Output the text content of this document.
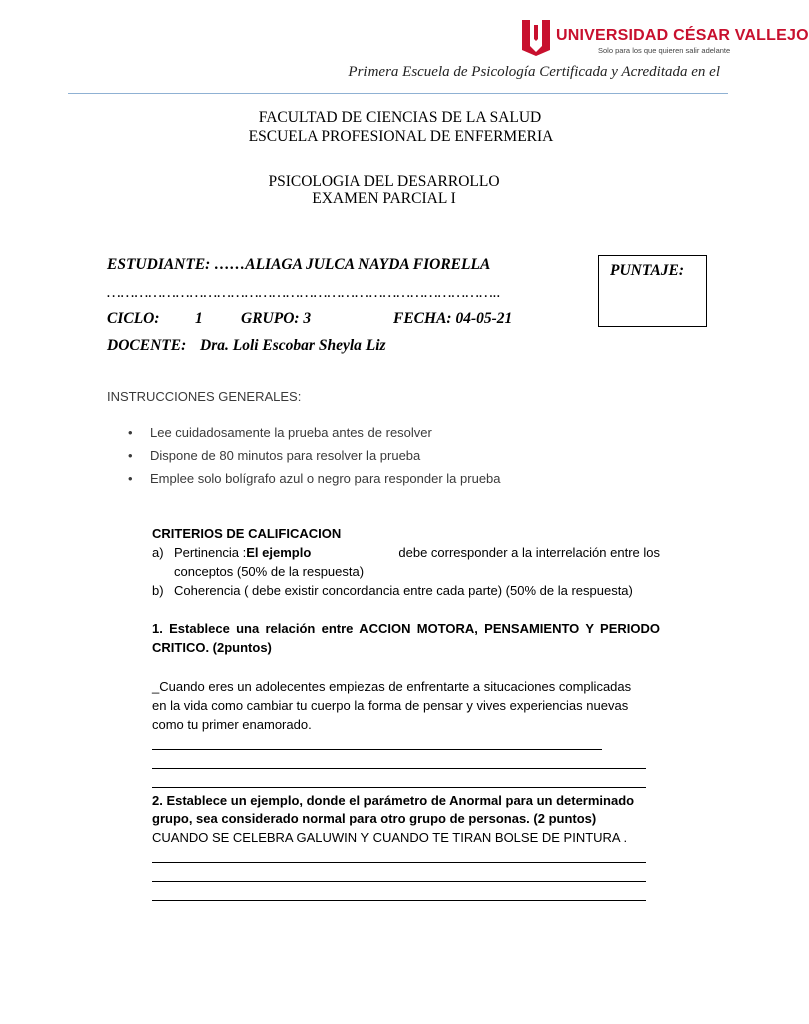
UNIVERSIDAD CÉSAR VALLEJO
Solo para los que quieren salir adelante
Primera Escuela de Psicología Certificada y Acreditada en el
FACULTAD DE CIENCIAS DE LA SALUD
ESCUELA PROFESIONAL DE ENFERMERIA
PSICOLOGIA DEL DESARROLLO
EXAMEN PARCIAL I
ESTUDIANTE: ……ALIAGA JULCA NAYDA FIORELLA
…………………………………………………………………………..
CICLO: 1 GRUPO: 3	FECHA: 04-05-21
DOCENTE: Dra. Loli Escobar Sheyla Liz
PUNTAJE:
INSTRUCCIONES GENERALES:
• Lee cuidadosamente la prueba antes de resolver
• Dispone de 80 minutos para resolver la prueba
• Emplee solo bolígrafo azul o negro para responder la prueba
CRITERIOS DE CALIFICACION
a) Pertinencia :El ejemplo	debe corresponder a la interrelación entre los
conceptos (50% de la respuesta)
b) Coherencia ( debe existir concordancia entre cada parte) (50% de la respuesta)
1. Establece una relación entre ACCION MOTORA, PENSAMIENTO Y PERIODO
CRITICO. (2puntos)
_Cuando eres un adolecentes empiezas de enfrentarte a situcaciones complicadas
en la vida como cambiar tu cuerpo la forma de pensar y vives experiencias nuevas
como tu primer enamorado.
2. Establece un ejemplo, donde el parámetro de Anormal para un determinado
grupo, sea considerado normal para otro grupo de personas. (2 puntos)
CUANDO SE CELEBRA GALUWIN Y CUANDO TE TIRAN BOLSE DE PINTURA .
